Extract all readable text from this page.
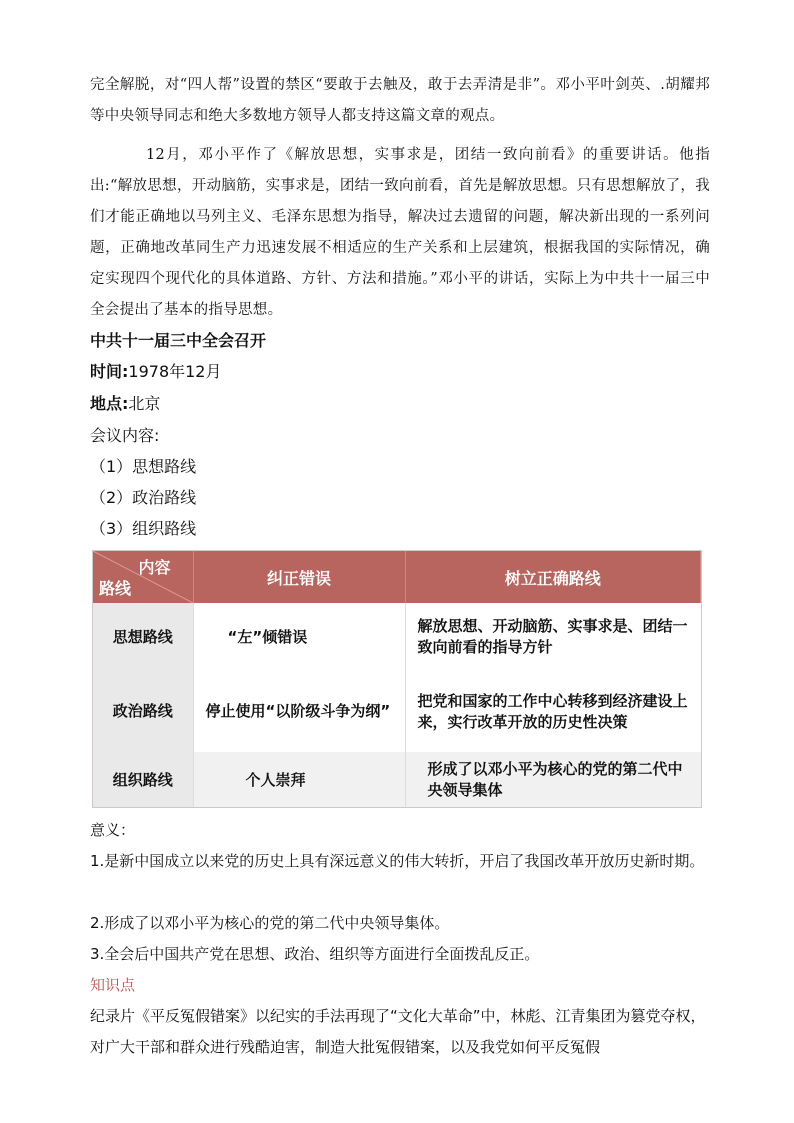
完全解脱，对“四人帮”设置的禁区“要敢于去触及，敢于去弄清是非”。邓小平叶剑英、.胡耀邦等中央领导同志和绝大多数地方领导人都支持这篇文章的观点。

12月，邓小平作了《解放思想，实事求是，团结一致向前看》的重要讲话。他指出:“解放思想，开动脑筋，实事求是，团结一致向前看，首先是解放思想。只有思想解放了，我们才能正确地以马列主义、毛泽东思想为指导，解决过去遗留的问题，解决新出现的一系列问题，正确地改革同生产力迅速发展不相适应的生产关系和上层建筑，根据我国的实际情况，确定实现四个现代化的具体道路、方针、方法和措施。”邓小平的讲话，实际上为中共十一届三中全会提出了基本的指导思想。

中共十一届三中全会召开
时间:1978年12月
地点:北京
会议内容:
（1）思想路线
（2）政治路线
（3）组织路线
内容
路线	纠正错误	树立正确路线
思想路线	“左”倾错误	解放思想、开动脑筋、实事求是、团结一致向前看的指导方针
政治路线	停止使用“以阶级斗争为纲”	把党和国家的工作中心转移到经济建设上来，实行改革开放的历史性决策
组织路线	个人崇拜	形成了以邓小平为核心的党的第二代中央领导集体
意义：
1.是新中国成立以来党的历史上具有深远意义的伟大转折，开启了我国改革开放历史新时期。
2.形成了以邓小平为核心的党的第二代中央领导集体。
3.全会后中国共产党在思想、政治、组织等方面进行全面拨乱反正。
知识点
纪录片《平反冤假错案》以纪实的手法再现了“文化大革命”中，林彪、江青集团为篡党夺权，对广大干部和群众进行残酷迫害，制造大批冤假错案，以及我党如何平反冤假
